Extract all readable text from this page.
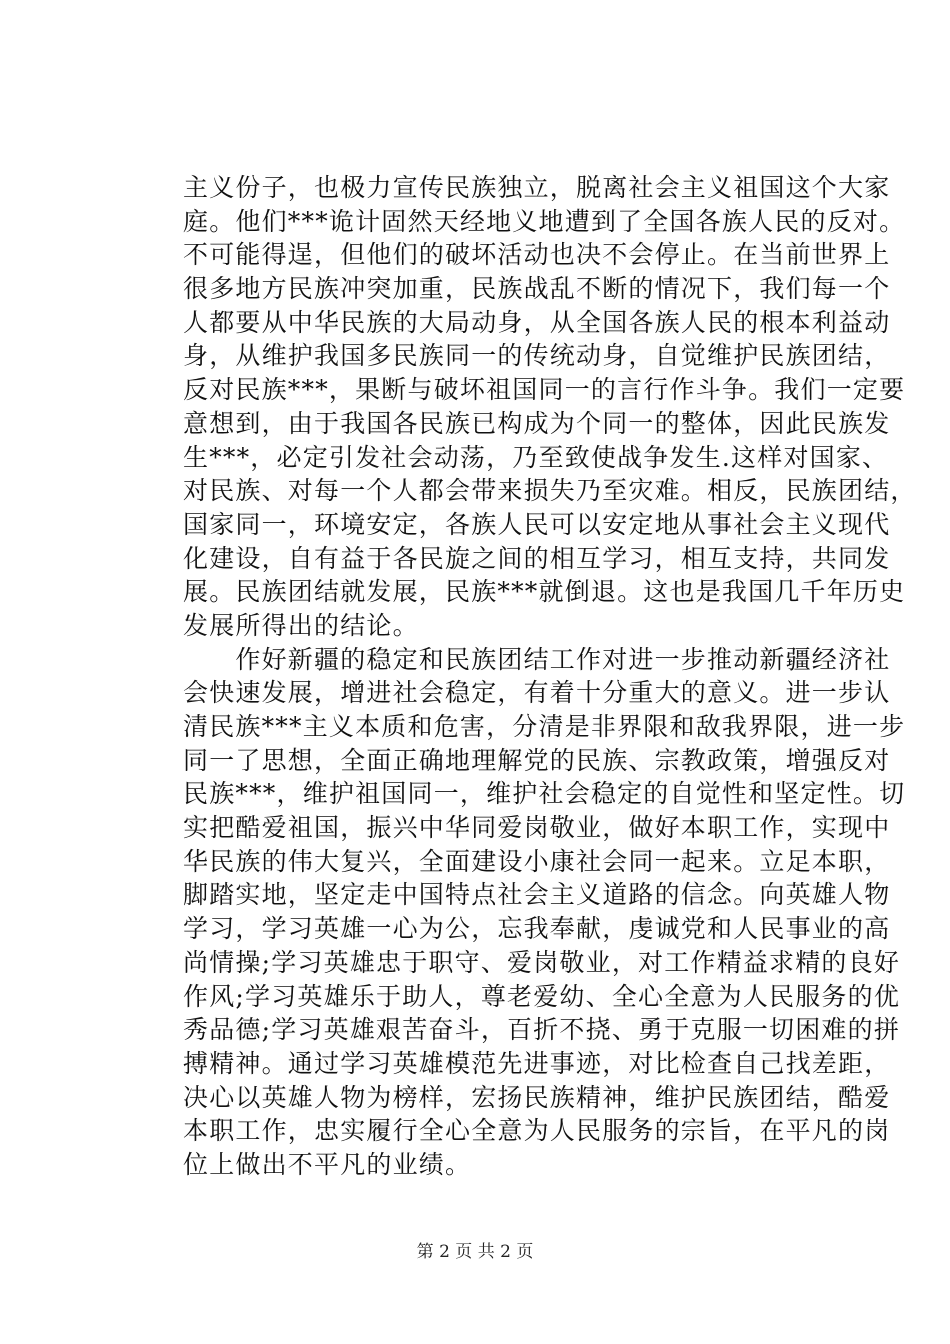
主义份子，也极力宣传民族独立，脱离社会主义祖国这个大家
庭。他们***诡计固然天经地义地遭到了全国各族人民的反对。
不可能得逞，但他们的破坏活动也决不会停止。在当前世界上
很多地方民族冲突加重，民族战乱不断的情况下，我们每一个
人都要从中华民族的大局动身，从全国各族人民的根本利益动
身，从维护我国多民族同一的传统动身，自觉维护民族团结，
反对民族***，果断与破坏祖国同一的言行作斗争。我们一定要
意想到，由于我国各民族已构成为个同一的整体，因此民族发
生***，必定引发社会动荡，乃至致使战争发生.这样对国家、
对民族、对每一个人都会带来损失乃至灾难。相反，民族团结，
国家同一，环境安定，各族人民可以安定地从事社会主义现代
化建设，自有益于各民旋之间的相互学习，相互支持，共同发
展。民族团结就发展，民族***就倒退。这也是我国几千年历史
发展所得出的结论。
　　作好新疆的稳定和民族团结工作对进一步推动新疆经济社
会快速发展，增进社会稳定，有着十分重大的意义。进一步认
清民族***主义本质和危害，分清是非界限和敌我界限，进一步
同一了思想，全面正确地理解党的民族、宗教政策，增强反对
民族***，维护祖国同一，维护社会稳定的自觉性和坚定性。切
实把酷爱祖国，振兴中华同爱岗敬业，做好本职工作，实现中
华民族的伟大复兴，全面建设小康社会同一起来。立足本职，
脚踏实地，坚定走中国特点社会主义道路的信念。向英雄人物
学习，学习英雄一心为公，忘我奉献，虔诚党和人民事业的高
尚情操;学习英雄忠于职守、爱岗敬业，对工作精益求精的良好
作风;学习英雄乐于助人，尊老爱幼、全心全意为人民服务的优
秀品德;学习英雄艰苦奋斗，百折不挠、勇于克服一切困难的拼
搏精神。通过学习英雄模范先进事迹，对比检查自己找差距，
决心以英雄人物为榜样，宏扬民族精神，维护民族团结，酷爱
本职工作，忠实履行全心全意为人民服务的宗旨，在平凡的岗
位上做出不平凡的业绩。
第 2 页 共 2 页
